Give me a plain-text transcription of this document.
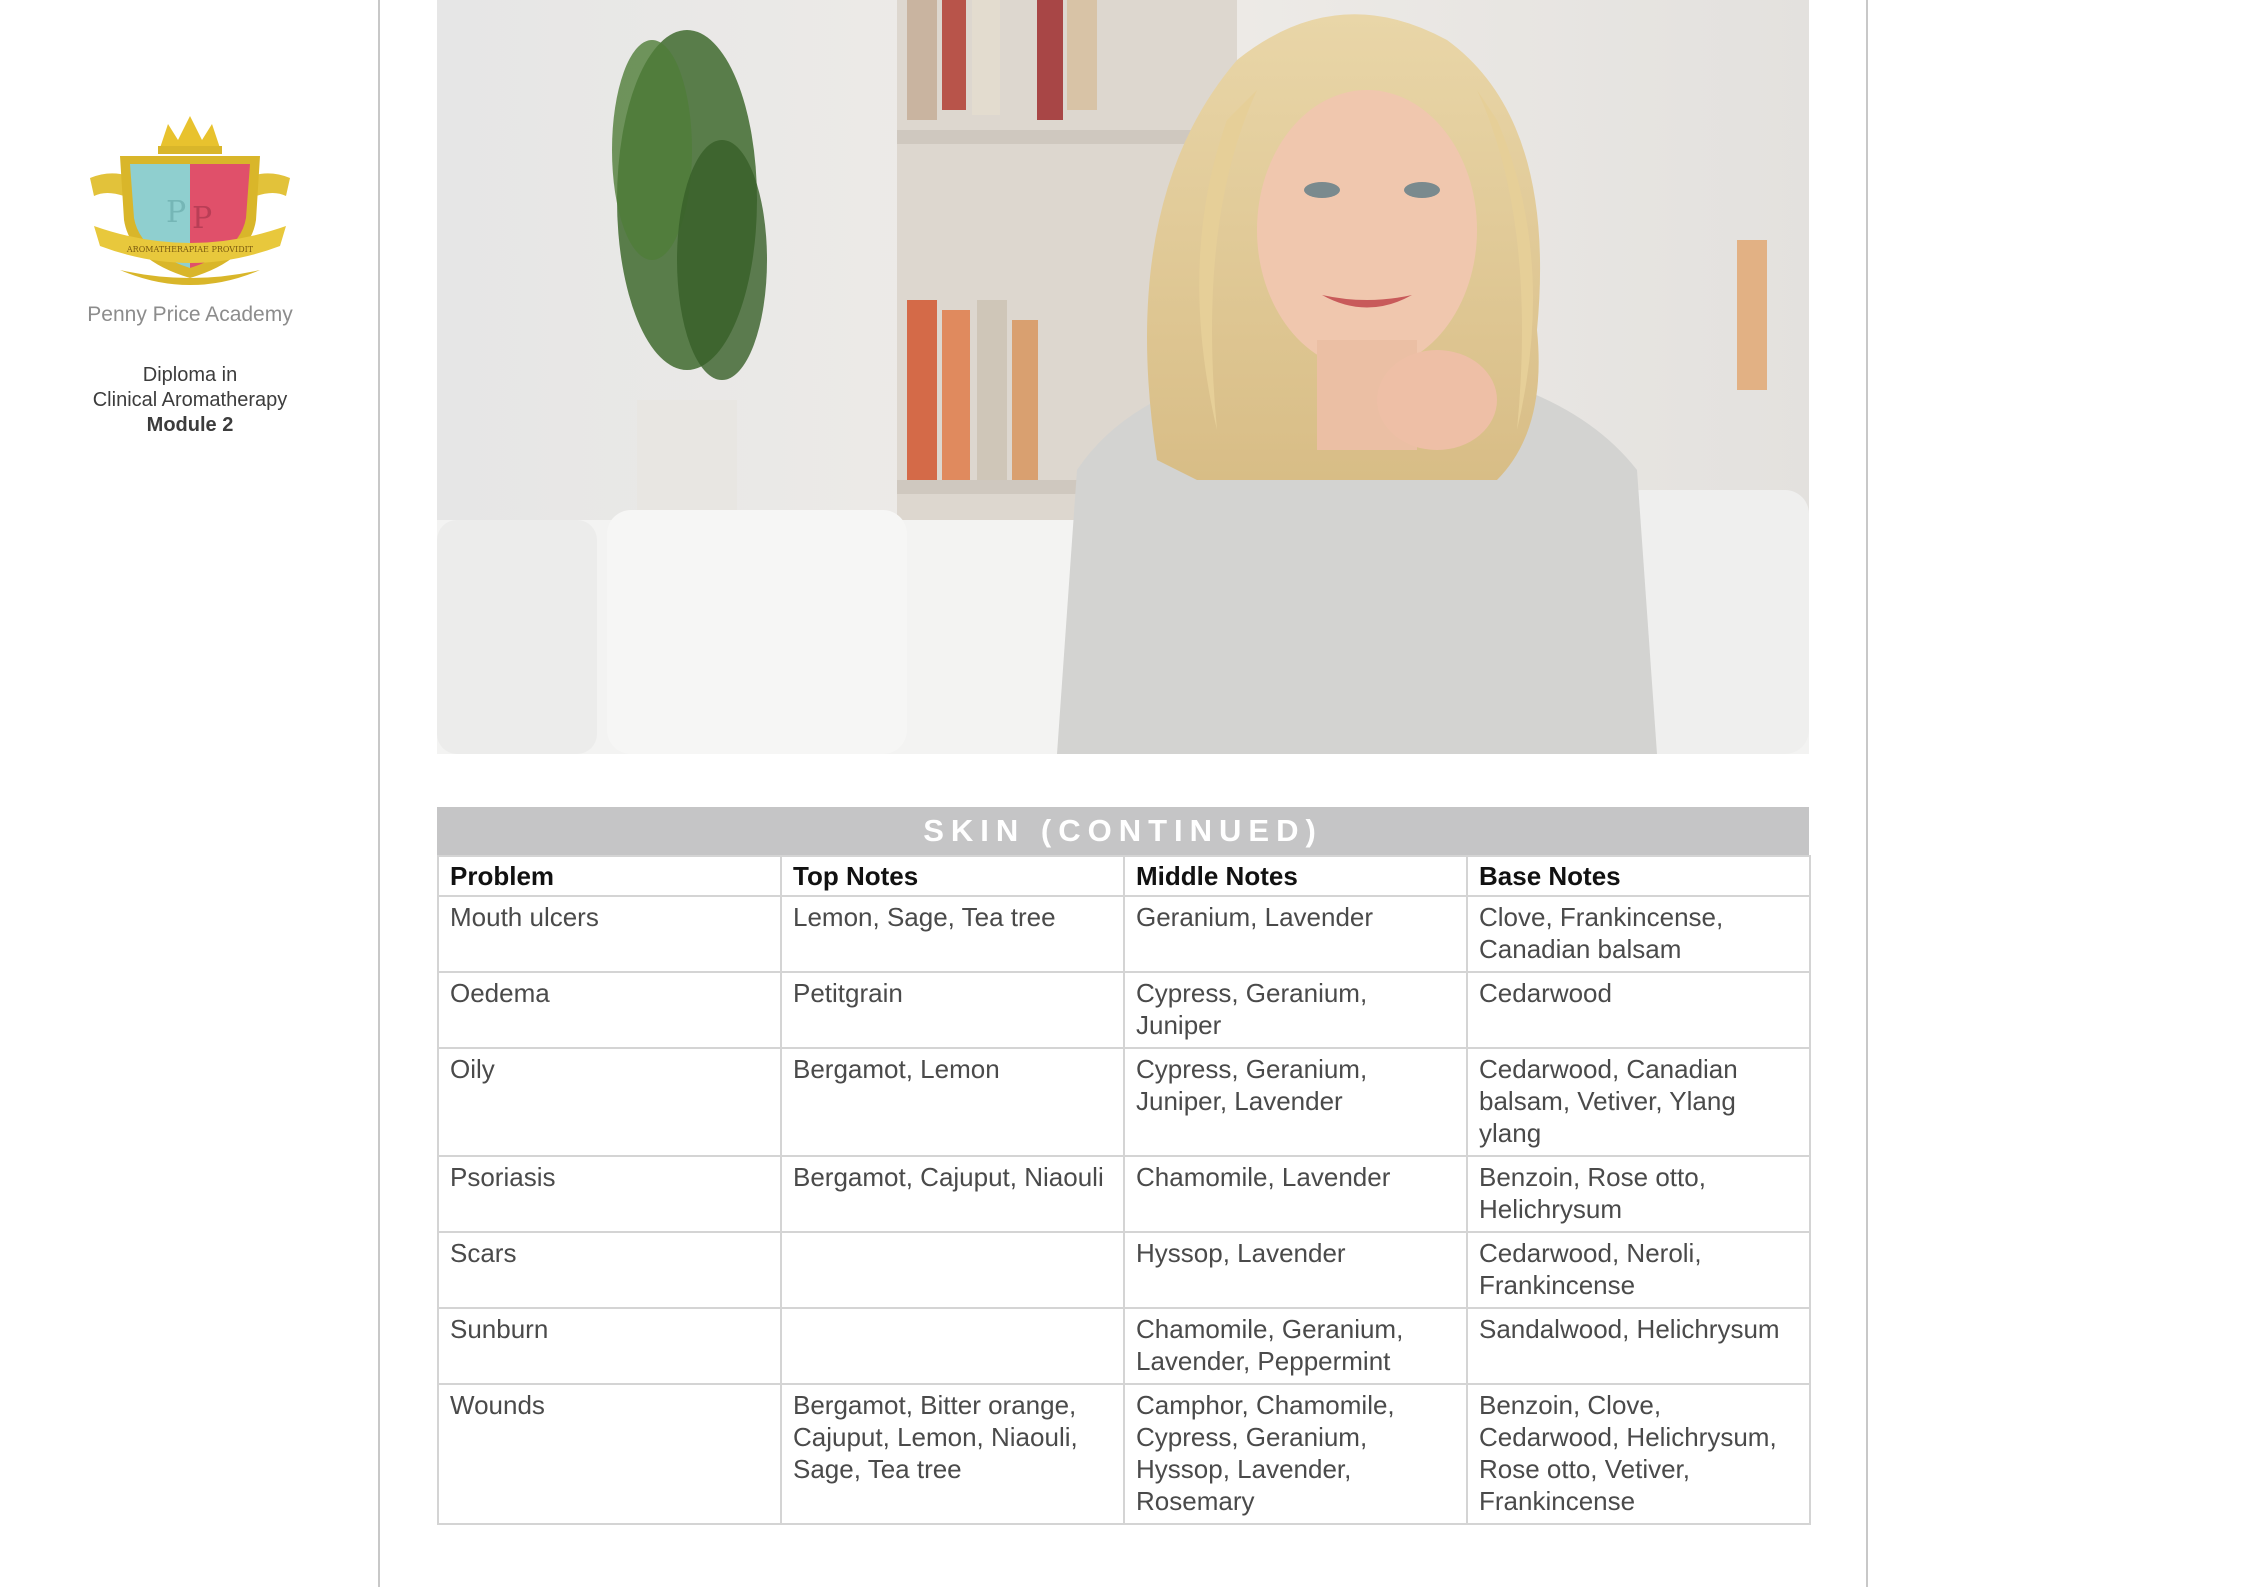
P P
AROMATHERAPIAE PROVIDIT
Penny Price Academy
Diploma in
Clinical Aromatherapy
Module 2
SKIN (CONTINUED)
Problem	Top Notes	Middle Notes	Base Notes
Mouth ulcers	Lemon, Sage, Tea tree	Geranium, Lavender	Clove, Frankincense, Canadian balsam
Oedema	Petitgrain	Cypress, Geranium, Juniper	Cedarwood
Oily	Bergamot, Lemon	Cypress, Geranium, Juniper, Lavender	Cedarwood, Canadian balsam, Vetiver, Ylang ylang
Psoriasis	Bergamot, Cajuput, Niaouli	Chamomile, Lavender	Benzoin, Rose otto, Helichrysum
Scars		Hyssop, Lavender	Cedarwood, Neroli, Frankincense
Sunburn		Chamomile, Geranium, Lavender, Peppermint	Sandalwood, Helichrysum
Wounds	Bergamot, Bitter orange, Cajuput, Lemon, Niaouli, Sage, Tea tree	Camphor, Chamomile, Cypress, Geranium, Hyssop, Lavender, Rosemary	Benzoin, Clove, Cedarwood, Helichrysum, Rose otto, Vetiver, Frankincense
